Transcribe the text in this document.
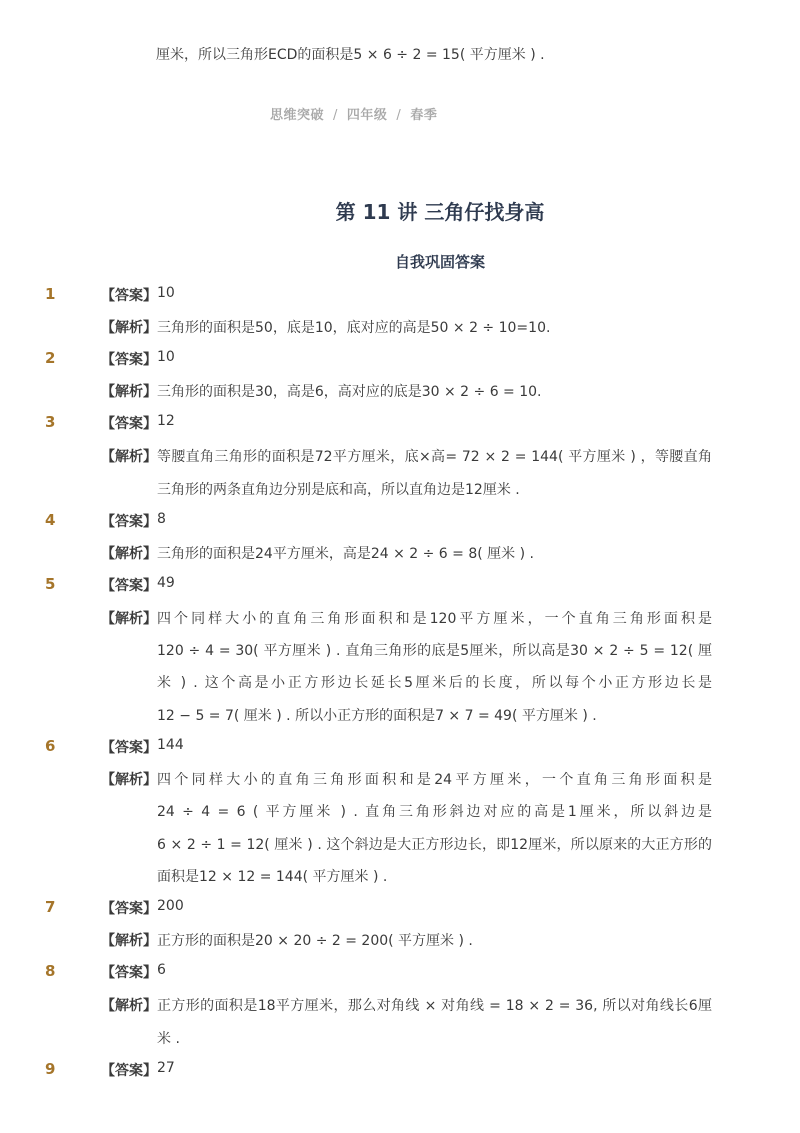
厘米，所以三角形ECD的面积是5 × 6 ÷ 2 = 15( 平方厘米 ) .
思维突破 / 四年级 / 春季
第 11 讲 三角仔找身高
自我巩固答案
1	【答案】 10
【解析】 三角形的面积是50，底是10，底对应的高是50 × 2 ÷ 10=10.
2	【答案】 10
【解析】 三角形的面积是30，高是6，高对应的底是30 × 2 ÷ 6 = 10.
3	【答案】 12
【解析】 等腰直角三角形的面积是72平方厘米，底×高= 72 × 2 = 144( 平方厘米 ) ，等腰直角
三角形的两条直角边分别是底和高，所以直角边是12厘米 .
4	【答案】 8
【解析】 三角形的面积是24平方厘米，高是24 × 2 ÷ 6 = 8( 厘米 ) .
5	【答案】 49
【解析】 四个同样大小的直角三角形面积和是120平方厘米，一个直角三角形面积是
120 ÷ 4 = 30( 平方厘米 ) . 直角三角形的底是5厘米，所以高是30 × 2 ÷ 5 = 12( 厘
米 ) . 这个高是小正方形边长延长5厘米后的长度，所以每个小正方形边长是
12 − 5 = 7( 厘米 ) . 所以小正方形的面积是7 × 7 = 49( 平方厘米 ) .
6	【答案】 144
【解析】 四个同样大小的直角三角形面积和是24平方厘米，一个直角三角形面积是
24 ÷ 4 = 6 ( 平方厘米 ) . 直角三角形斜边对应的高是1厘米，所以斜边是
6 × 2 ÷ 1 = 12( 厘米 ) . 这个斜边是大正方形边长，即12厘米，所以原来的大正方形的
面积是12 × 12 = 144( 平方厘米 ) .
7	【答案】 200
【解析】 正方形的面积是20 × 20 ÷ 2 = 200( 平方厘米 ) .
8	【答案】 6
【解析】 正方形的面积是18平方厘米，那么对角线 × 对角线 = 18 × 2 = 36, 所以对角线长6厘
米 .
9	【答案】 27
